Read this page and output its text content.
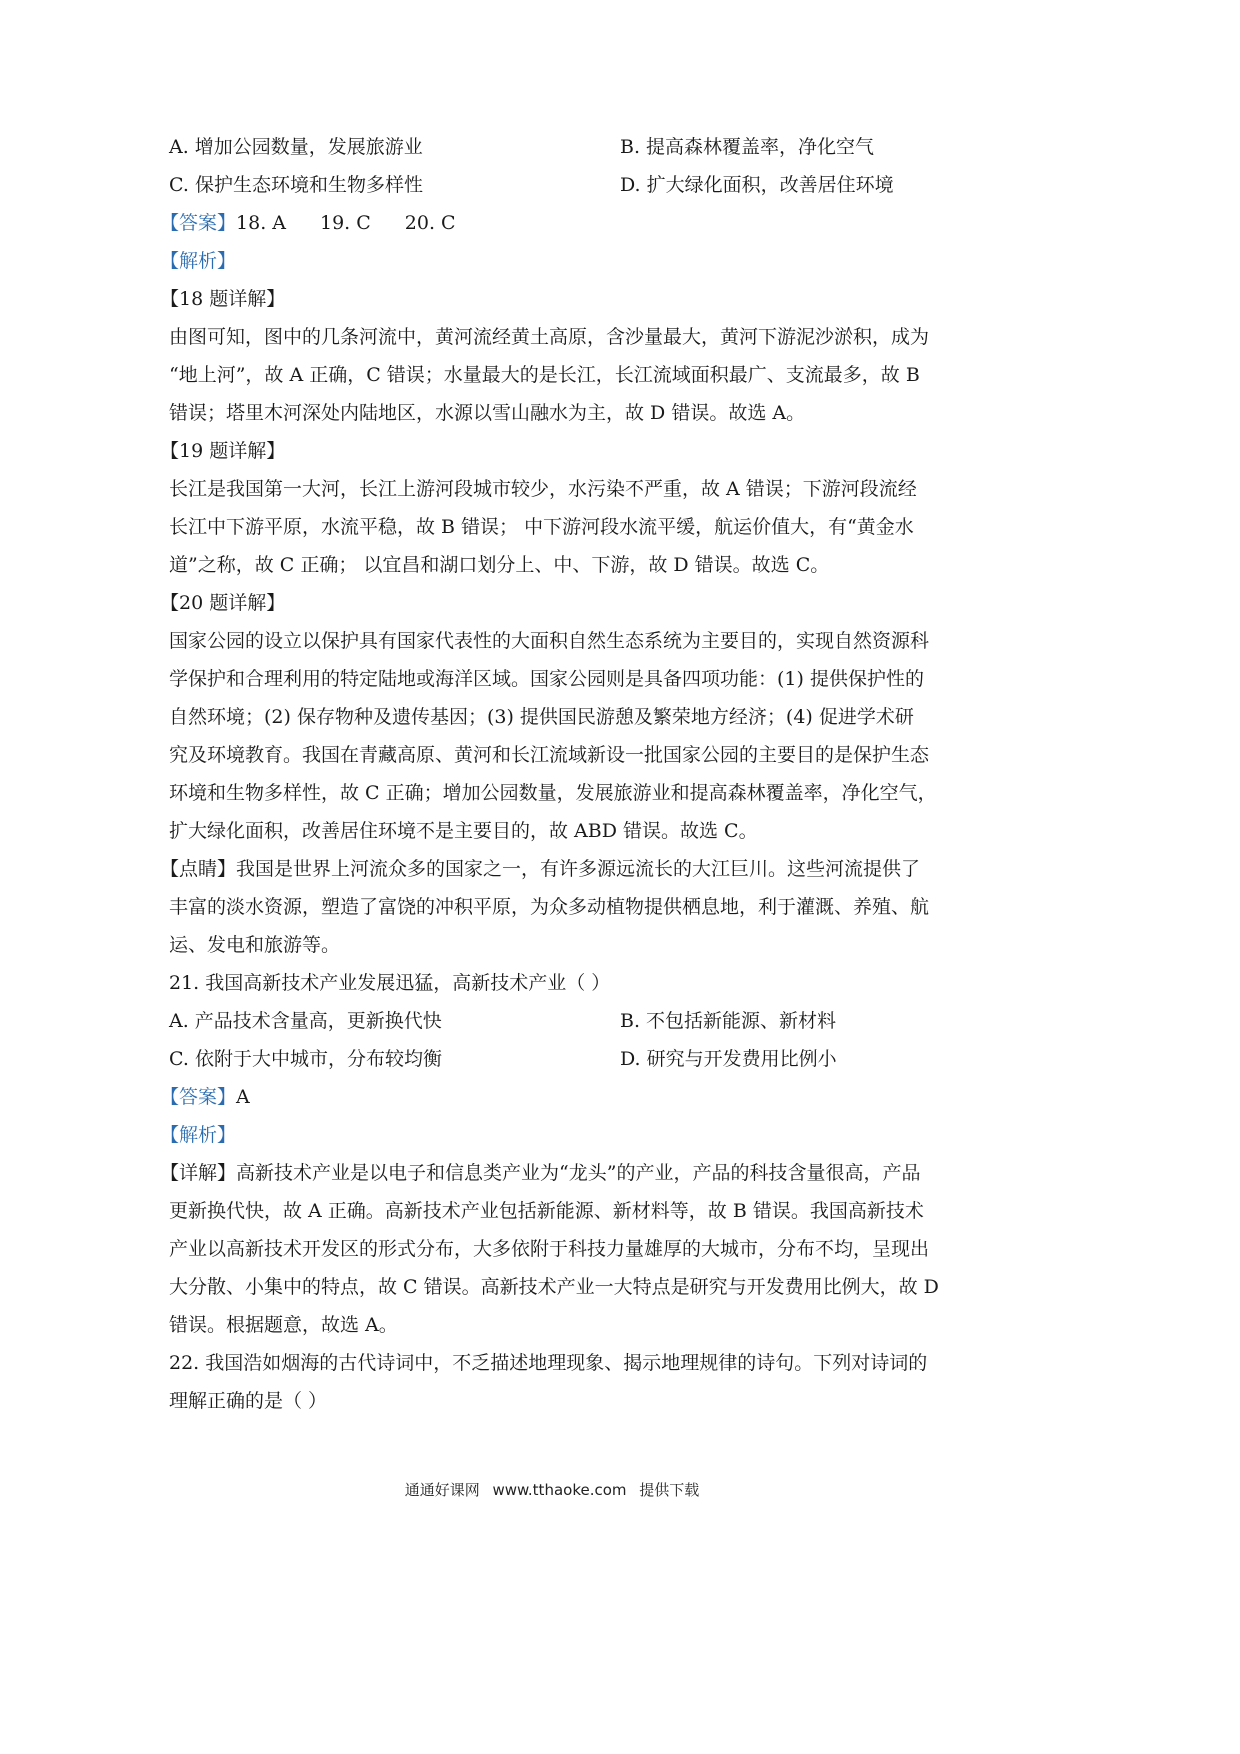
A. 增加公园数量，发展旅游业	B. 提高森林覆盖率，净化空气
C. 保护生态环境和生物多样性	D. 扩大绿化面积，改善居住环境
【答案】18. A 19. C 20. C
【解析】
【18 题详解】
由图可知，图中的几条河流中，黄河流经黄土高原，含沙量最大，黄河下游泥沙淤积，成为
“地上河”，故 A 正确，C 错误；水量最大的是长江，长江流域面积最广、支流最多，故 B
错误；塔里木河深处内陆地区，水源以雪山融水为主，故 D 错误。故选 A。
【19 题详解】
长江是我国第一大河，长江上游河段城市较少，水污染不严重，故 A 错误；下游河段流经
长江中下游平原，水流平稳，故 B 错误； 中下游河段水流平缓，航运价值大，有“黄金水
道”之称，故 C 正确； 以宜昌和湖口划分上、中、下游，故 D 错误。故选 C。
【20 题详解】
国家公园的设立以保护具有国家代表性的大面积自然生态系统为主要目的，实现自然资源科
学保护和合理利用的特定陆地或海洋区域。国家公园则是具备四项功能：(1) 提供保护性的
自然环境；(2) 保存物种及遗传基因；(3) 提供国民游憩及繁荣地方经济；(4) 促进学术研
究及环境教育。我国在青藏高原、黄河和长江流域新设一批国家公园的主要目的是保护生态
环境和生物多样性，故 C 正确；增加公园数量，发展旅游业和提高森林覆盖率，净化空气，
扩大绿化面积，改善居住环境不是主要目的，故 ABD 错误。故选 C。
【点睛】我国是世界上河流众多的国家之一，有许多源远流长的大江巨川。这些河流提供了
丰富的淡水资源，塑造了富饶的冲积平原，为众多动植物提供栖息地，利于灌溉、养殖、航
运、发电和旅游等。
21. 我国高新技术产业发展迅猛，高新技术产业（ ）
A. 产品技术含量高，更新换代快	B. 不包括新能源、新材料
C. 依附于大中城市，分布较均衡	D. 研究与开发费用比例小
【答案】A
【解析】
【详解】高新技术产业是以电子和信息类产业为“龙头”的产业，产品的科技含量很高，产品
更新换代快，故 A 正确。高新技术产业包括新能源、新材料等，故 B 错误。我国高新技术
产业以高新技术开发区的形式分布，大多依附于科技力量雄厚的大城市，分布不均，呈现出
大分散、小集中的特点，故 C 错误。高新技术产业一大特点是研究与开发费用比例大，故 D
错误。根据题意，故选 A。
22. 我国浩如烟海的古代诗词中，不乏描述地理现象、揭示地理规律的诗句。下列对诗词的
理解正确的是（ ）
通通好课网 www.tthaoke.com 提供下载
